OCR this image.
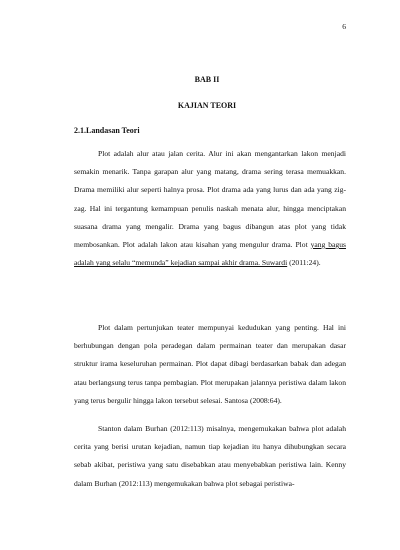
6
BAB II
KAJIAN TEORI
2.1.Landasan Teori

Plot adalah alur atau jalan cerita. Alur ini akan mengantarkan lakon menjadi semakin menarik. Tanpa garapan alur yang matang, drama sering terasa memuakkan. Drama memiliki alur seperti halnya prosa. Plot drama ada yang lurus dan ada yang zig-zag. Hal ini tergantung kemampuan penulis naskah menata alur, hingga menciptakan suasana drama yang mengalir. Drama yang bagus dibangun atas plot yang tidak membosankan. Plot adalah lakon atau kisahan yang mengulur drama. Plot yang bagus adalah yang selalu “memunda” kejadian sampai akhir drama. Suwardi (2011:24).

Plot dalam pertunjukan teater mempunyai kedudukan yang penting. Hal ini berhubungan dengan pola peradegan dalam permainan teater dan merupakan dasar struktur irama keseluruhan permainan. Plot dapat dibagi berdasarkan babak dan adegan atau berlangsung terus tanpa pembagian. Plot merupakan jalannya peristiwa dalam lakon yang terus bergulir hingga lakon tersebut selesai. Santosa (2008:64).

Stanton dalam Burhan (2012:113) misalnya, mengemukakan bahwa plot adalah cerita yang berisi urutan kejadian, namun tiap kejadian itu hanya dihubungkan secara sebab akibat, peristiwa yang satu disebabkan atau menyebabkan peristiwa lain. Kenny dalam Burhan (2012:113) mengemukakan bahwa plot sebagai peristiwa-
